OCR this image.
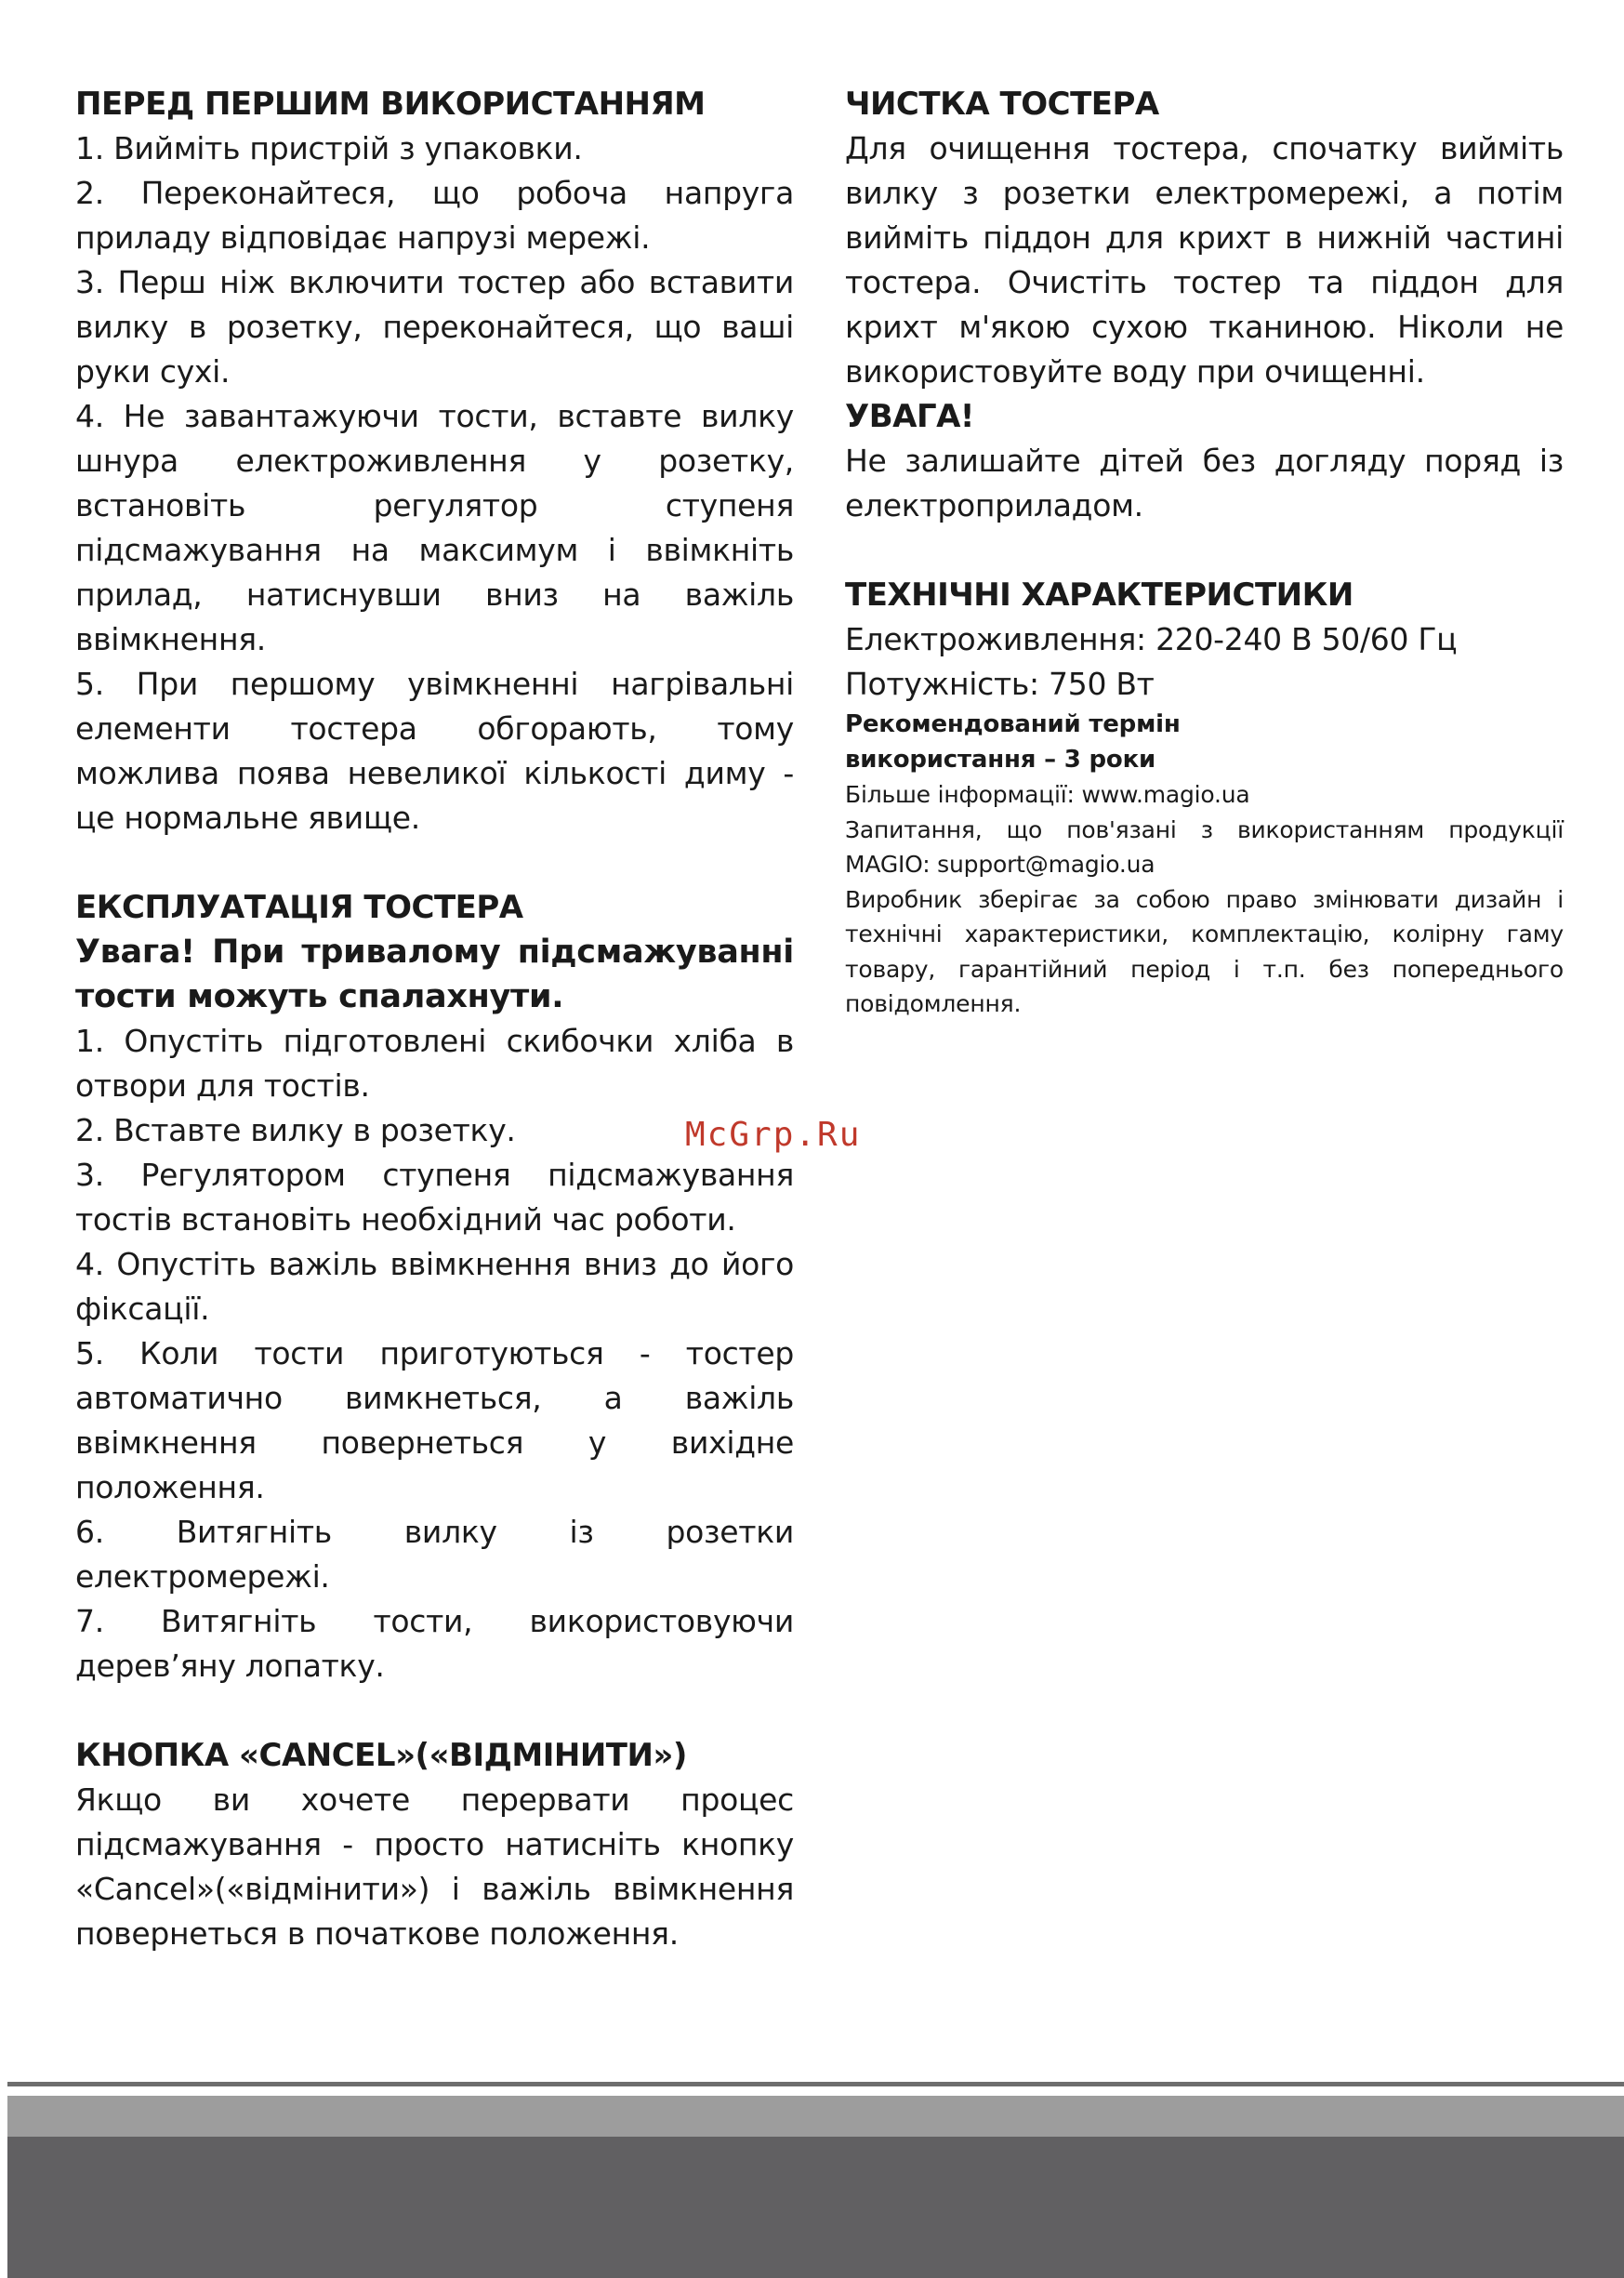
ПЕРЕД ПЕРШИМ ВИКОРИСТАННЯМ

1. Вийміть пристрій з упаковки.

2. Переконайтеся, що робоча напруга приладу відповідає напрузі мережі.

3. Перш ніж включити тостер або вставити вилку в розетку, переконайтеся, що ваші руки сухі.

4. Не завантажуючи тости, вставте вилку шнура електроживлення у розетку, встановіть регулятор ступеня підсмажування на максимум і ввімкніть прилад, натиснувши вниз на важіль ввімкнення.

5. При першому увімкненні нагрівальні елементи тостера обгорають, тому можлива поява невеликої кількості диму - це нормальне явище.

ЕКСПЛУАТАЦІЯ ТОСТЕРА

Увага! При тривалому підсмажуванні тости можуть спалахнути.

1. Опустіть підготовлені скибочки хліба в отвори для тостів.

2. Вставте вилку в розетку.

3. Регулятором ступеня підсмажування тостів встановіть необхідний час роботи.

4. Опустіть важіль ввімкнення вниз до його фіксації.

5. Коли тости приготуються - тостер автоматично вимкнеться, а важіль ввімкнення повернеться у вихідне положення.

6. Витягніть вилку із розетки електромережі.

7. Витягніть тости, використовуючи дерев’яну лопатку.

КНОПКА «CANCEL»(«ВІДМІНИТИ»)

Якщо ви хочете перервати процес підсмажування - просто натисніть кнопку «Cancel»(«відмінити») і важіль ввімкнення повернеться в початкове положення.

ЧИСТКА ТОСТЕРА

Для очищення тостера, спочатку вийміть вилку з розетки електромережі, а потім вийміть піддон для крихт в нижній частині тостера. Очистіть тостер та піддон для крихт м'якою сухою тканиною. Ніколи не використовуйте воду при очищенні.

УВАГА!

Не залишайте дітей без догляду поряд із електроприладом.

ТЕХНІЧНІ ХАРАКТЕРИСТИКИ

Електроживлення: 220-240 В 50/60 Гц

Потужність: 750 Вт

Рекомендований термін

використання – 3 роки

Більше інформації: www.magio.ua

Запитання, що пов'язані з використанням продукції MAGIO: support@magio.ua

Виробник зберігає за собою право змінювати дизайн і технічні характеристики, комплектацію, колірну гаму товару, гарантійний період і т.п. без попереднього повідомлення.

McGrp.Ru
